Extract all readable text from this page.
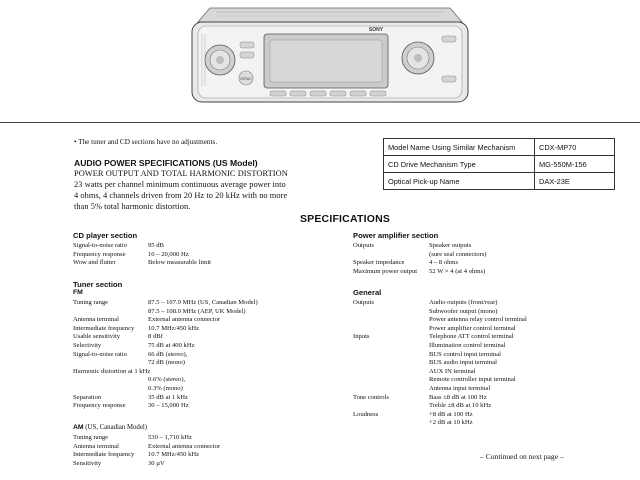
ATRAC
SONY
• The tuner and CD sections have no adjustments.
Model Name Using Similar Mechanism	CDX-MP70
CD Drive Mechanism Type	MG-550M-156
Optical Pick-up Name	DAX-23E
AUDIO POWER SPECIFICATIONS (US Model)
POWER OUTPUT AND TOTAL HARMONIC DISTORTION
23 watts per channel minimum continuous average power into
4 ohms, 4 channels driven from 20 Hz to 20 kHz with no more
than 5% total harmonic distortion.
SPECIFICATIONS
CD player section
Signal-to-noise ratio	95 dB
Frequency response	10 – 20,000 Hz
Wow and flutter	Below measurable limit
Tuner section
FM
Tuning range	87.5 – 107.9 MHz (US, Canadian Model)
87.5 – 108.0 MHz (AEP, UK Model)
Antenna terminal	External antenna connector
Intermediate frequency 10.7 MHz/450 kHz
Usable sensitivity	8 dBf
Selectivity	75 dB at 400 kHz
Signal-to-noise ratio	66 dB (stereo),
72 dB (mono)
Harmonic distortion at 1 kHz
0.6% (stereo),
0.3% (mono)
Separation	35 dB at 1 kHz
Frequency response	30 – 15,000 Hz
AM (US, Canadian Model)
Tuning range	530 – 1,710 kHz
Antenna terminal	External antenna connector
Intermediate frequency 10.7 MHz/450 kHz
Sensitivity	30 µV
Power amplifier section
Outputs	Speaker outputs
(sure seal connectors)
Speaker impedance	4 – 8 ohms
Maximum power output 52 W × 4 (at 4 ohms)
General
Outputs	Audio outputs (front/rear)
Subwoofer output (mono)
Power antenna relay control terminal
Power amplifier control terminal
Inputs	Telephone ATT control terminal
Illumination control terminal
BUS control input terminal
BUS audio input terminal
AUX IN terminal
Remote controller input terminal
Antenna input terminal
Tone controls	Bass ±8 dB at 100 Hz
Treble ±8 dB at 10 kHz
Loudness	+8 dB at 100 Hz
+2 dB at 10 kHz
– Continued on next page –
